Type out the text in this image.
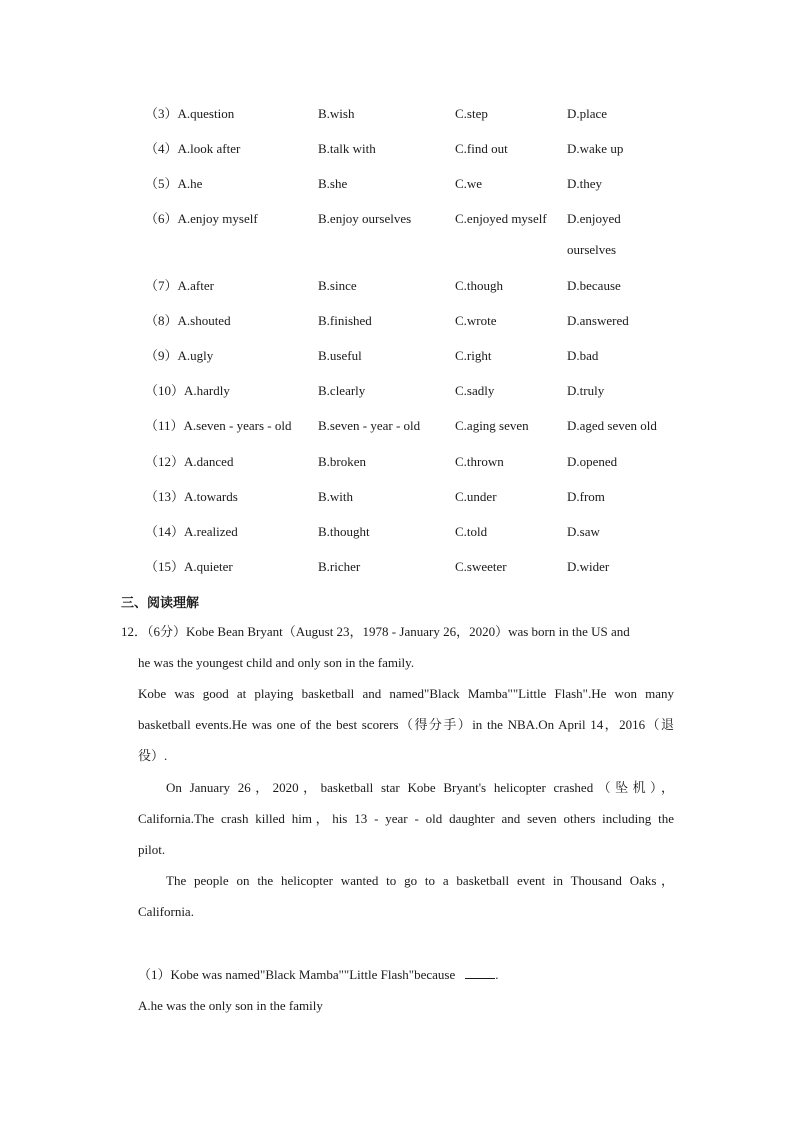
（3）A.question	B.wish	C.step	D.place
（4）A.look after	B.talk with	C.find out	D.wake up
（5）A.he	B.she	C.we	D.they
（6）A.enjoy myself	B.enjoy ourselves	C.enjoyed myself D.enjoyed
ourselves
（7）A.after	B.since	C.though	D.because
（8）A.shouted	B.finished	C.wrote	D.answered
（9）A.ugly	B.useful	C.right	D.bad
（10）A.hardly	B.clearly	C.sadly	D.truly
（11）A.seven - years - old B.seven - year - old	C.aging seven	D.aged seven old
（12）A.danced	B.broken	C.thrown	D.opened
（13）A.towards	B.with	C.under	D.from
（14）A.realized	B.thought	C.told	D.saw
（15）A.quieter	B.richer	C.sweeter	D.wider
三、阅读理解
12．（6分）Kobe Bean Bryant（August 23，1978 - January 26，2020）was born in the US and
he was the youngest child and only son in the family.
Kobe was good at playing basketball and named"Black Mamba""Little Flash".He won many
basketball events.He was one of the best scorers（得分手）in the NBA.On April 14，2016（退
役）.
On January 26，2020，basketball star Kobe Bryant's helicopter crashed（坠机），
California.The crash killed him，his 13 - year - old daughter and seven others including the
pilot.
The people on the helicopter wanted to go to a basketball event in Thousand Oaks，
California.
（1）Kobe was named"Black Mamba""Little Flash"because	.
A.he was the only son in the family
